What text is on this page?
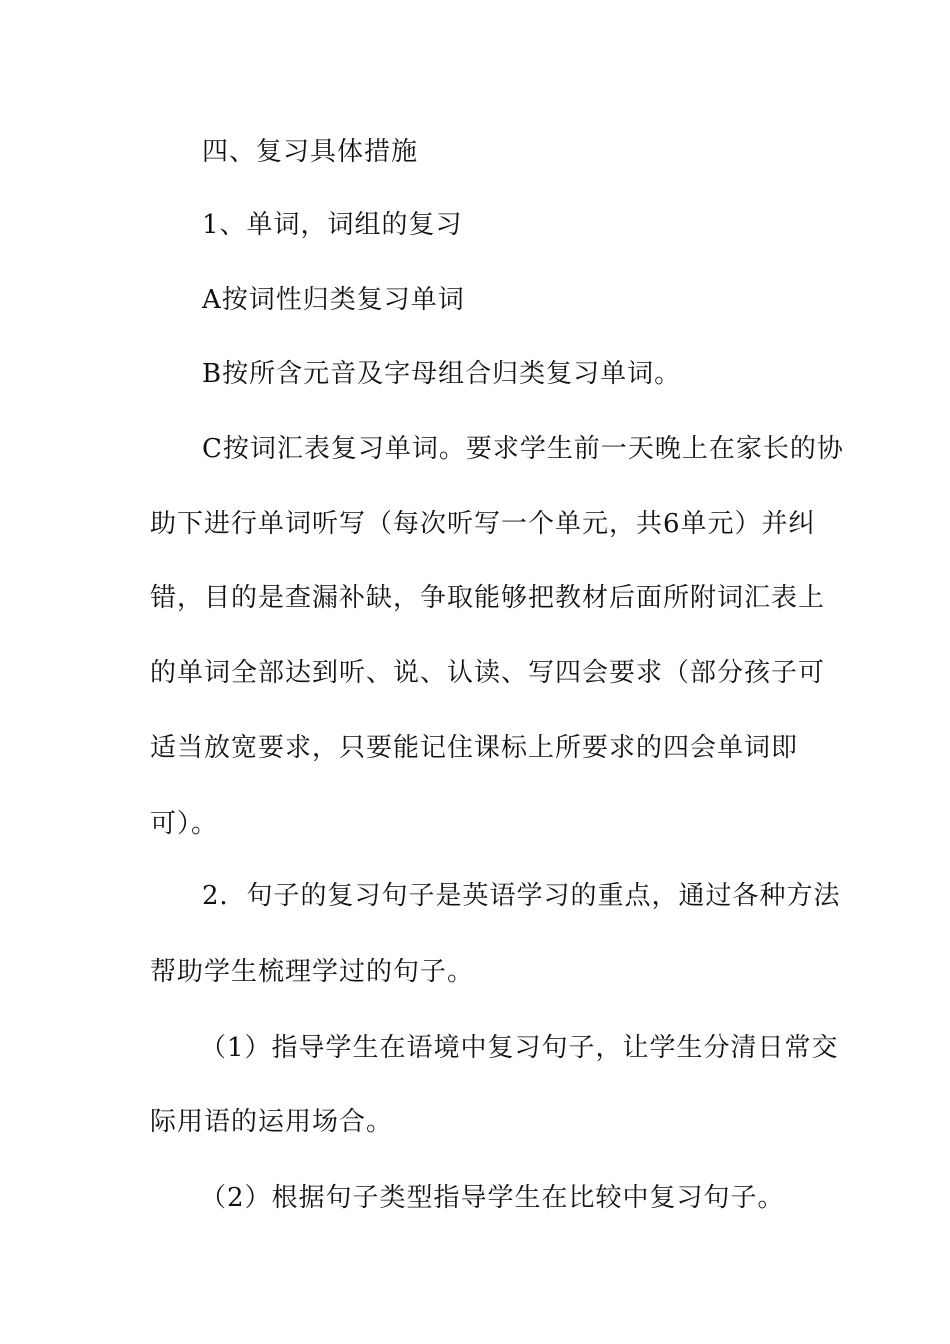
四、复习具体措施
1、单词，词组的复习
A按词性归类复习单词
B按所含元音及字母组合归类复习单词。
C按词汇表复习单词。要求学生前一天晚上在家长的协
助下进行单词听写（每次听写一个单元，共6单元）并纠
错，目的是查漏补缺，争取能够把教材后面所附词汇表上
的单词全部达到听、说、认读、写四会要求（部分孩子可
适当放宽要求，只要能记住课标上所要求的四会单词即
可）。
2．句子的复习句子是英语学习的重点，通过各种方法
帮助学生梳理学过的句子。
（1）指导学生在语境中复习句子，让学生分清日常交
际用语的运用场合。
（2）根据句子类型指导学生在比较中复习句子。
